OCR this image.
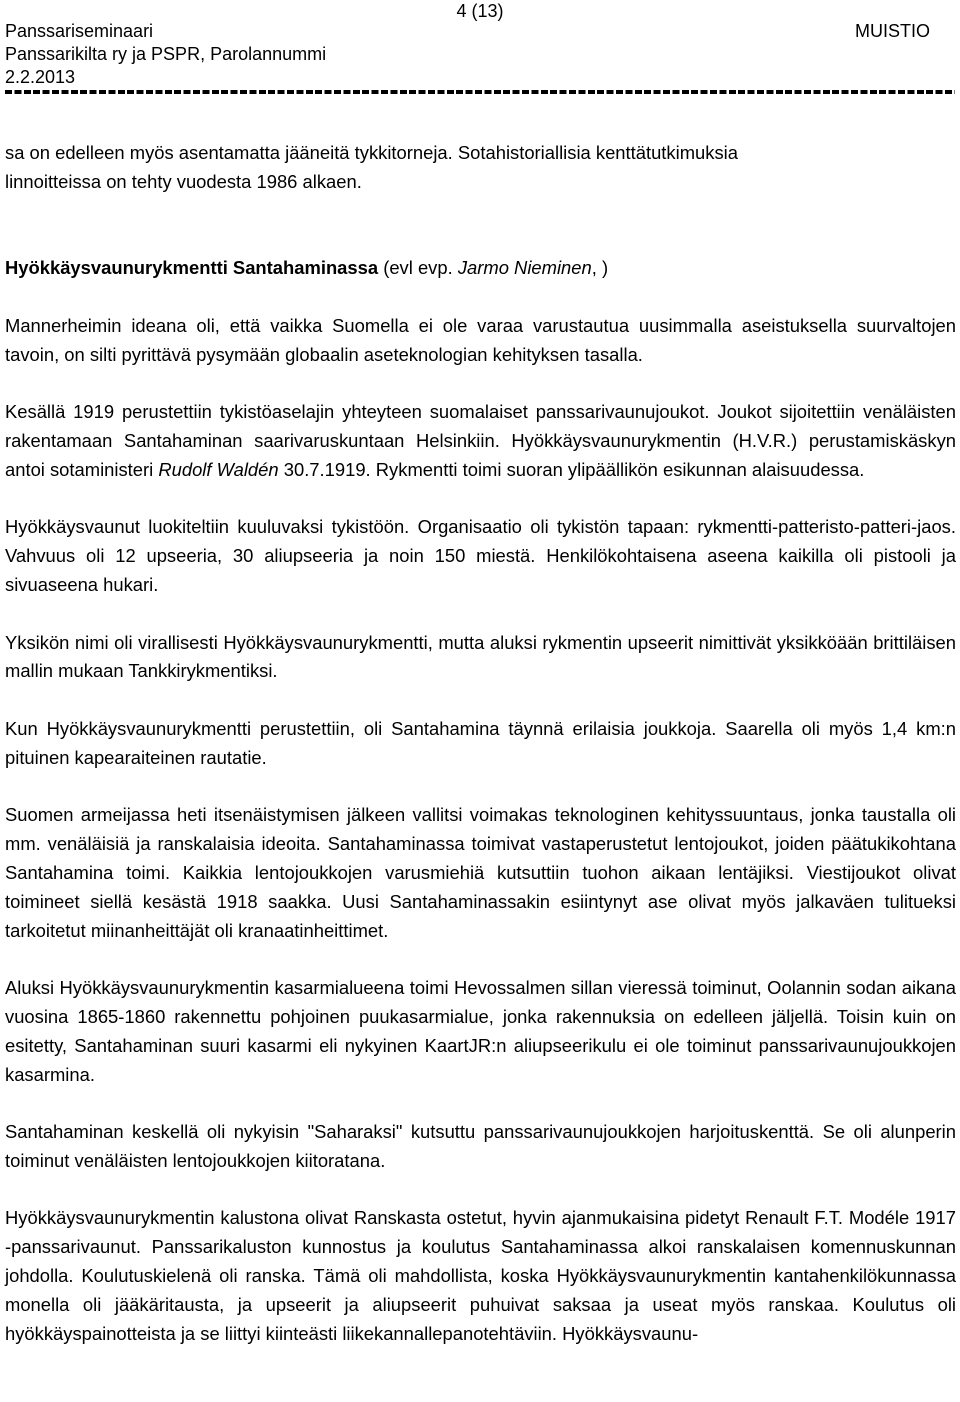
4 (13)
Panssariseminaari	MUISTIO
Panssarikilta ry ja PSPR, Parolannummi
2.2.2013

sa on edelleen myös asentamatta jääneitä tykkitorneja. Sotahistoriallisia kenttätutkimuksia
linnoitteissa on tehty vuodesta 1986 alkaen.

Hyökkäysvaunurykmentti Santahaminassa (evl evp. Jarmo Nieminen, )

Mannerheimin ideana oli, että vaikka Suomella ei ole varaa varustautua uusimmalla aseistuksella suurvaltojen tavoin, on silti pyrittävä pysymään globaalin aseteknologian kehityksen tasalla.

Kesällä 1919 perustettiin tykistöaselajin yhteyteen suomalaiset panssarivaunujoukot. Joukot sijoitettiin venäläisten rakentamaan Santahaminan saarivaruskuntaan Helsinkiin. Hyökkäysvaunurykmentin (H.V.R.) perustamiskäskyn antoi sotaministeri Rudolf Waldén 30.7.1919. Rykmentti toimi suoran ylipäällikön esikunnan alaisuudessa.

Hyökkäysvaunut luokiteltiin kuuluvaksi tykistöön. Organisaatio oli tykistön tapaan: rykmentti-patteristo-patteri-jaos. Vahvuus oli 12 upseeria, 30 aliupseeria ja noin 150 miestä. Henkilökohtaisena aseena kaikilla oli pistooli ja sivuaseena hukari.

Yksikön nimi oli virallisesti Hyökkäysvaunurykmentti, mutta aluksi rykmentin upseerit nimittivät yksikköään brittiläisen mallin mukaan Tankkirykmentiksi.

Kun Hyökkäysvaunurykmentti perustettiin, oli Santahamina täynnä erilaisia joukkoja. Saarella oli myös 1,4 km:n pituinen kapearaiteinen rautatie.

Suomen armeijassa heti itsenäistymisen jälkeen vallitsi voimakas teknologinen kehityssuuntaus, jonka taustalla oli mm. venäläisiä ja ranskalaisia ideoita. Santahaminassa toimivat vastaperustetut lentojoukot, joiden päätukikohtana Santahamina toimi. Kaikkia lentojoukkojen varusmiehiä kutsuttiin tuohon aikaan lentäjiksi. Viestijoukot olivat toimineet siellä kesästä 1918 saakka. Uusi Santahaminassakin esiintynyt ase olivat myös jalkaväen tulitueksi tarkoitetut miinanheittäjät oli kranaatinheittimet.

Aluksi Hyökkäysvaunurykmentin kasarmialueena toimi Hevossalmen sillan vieressä toiminut, Oolannin sodan aikana vuosina 1865-1860 rakennettu pohjoinen puukasarmialue, jonka rakennuksia on edelleen jäljellä. Toisin kuin on esitetty, Santahaminan suuri kasarmi eli nykyinen KaartJR:n aliupseerikulu ei ole toiminut panssarivaunujoukkojen kasarmina.

Santahaminan keskellä oli nykyisin "Saharaksi" kutsuttu panssarivaunujoukkojen harjoituskenttä. Se oli alunperin toiminut venäläisten lentojoukkojen kiitoratana.

Hyökkäysvaunurykmentin kalustona olivat Ranskasta ostetut, hyvin ajanmukaisina pidetyt Renault F.T. Modéle 1917 -panssarivaunut. Panssarikaluston kunnostus ja koulutus Santahaminassa alkoi ranskalaisen komennuskunnan johdolla. Koulutuskielenä oli ranska. Tämä oli mahdollista, koska Hyökkäysvaunurykmentin kantahenkilökunnassa monella oli jääkäritausta, ja upseerit ja aliupseerit puhuivat saksaa ja useat myös ranskaa. Koulutus oli hyökkäyspainotteista ja se liittyi kiinteästi liikekannallepanotehtäviin. Hyökkäysvaunu-
